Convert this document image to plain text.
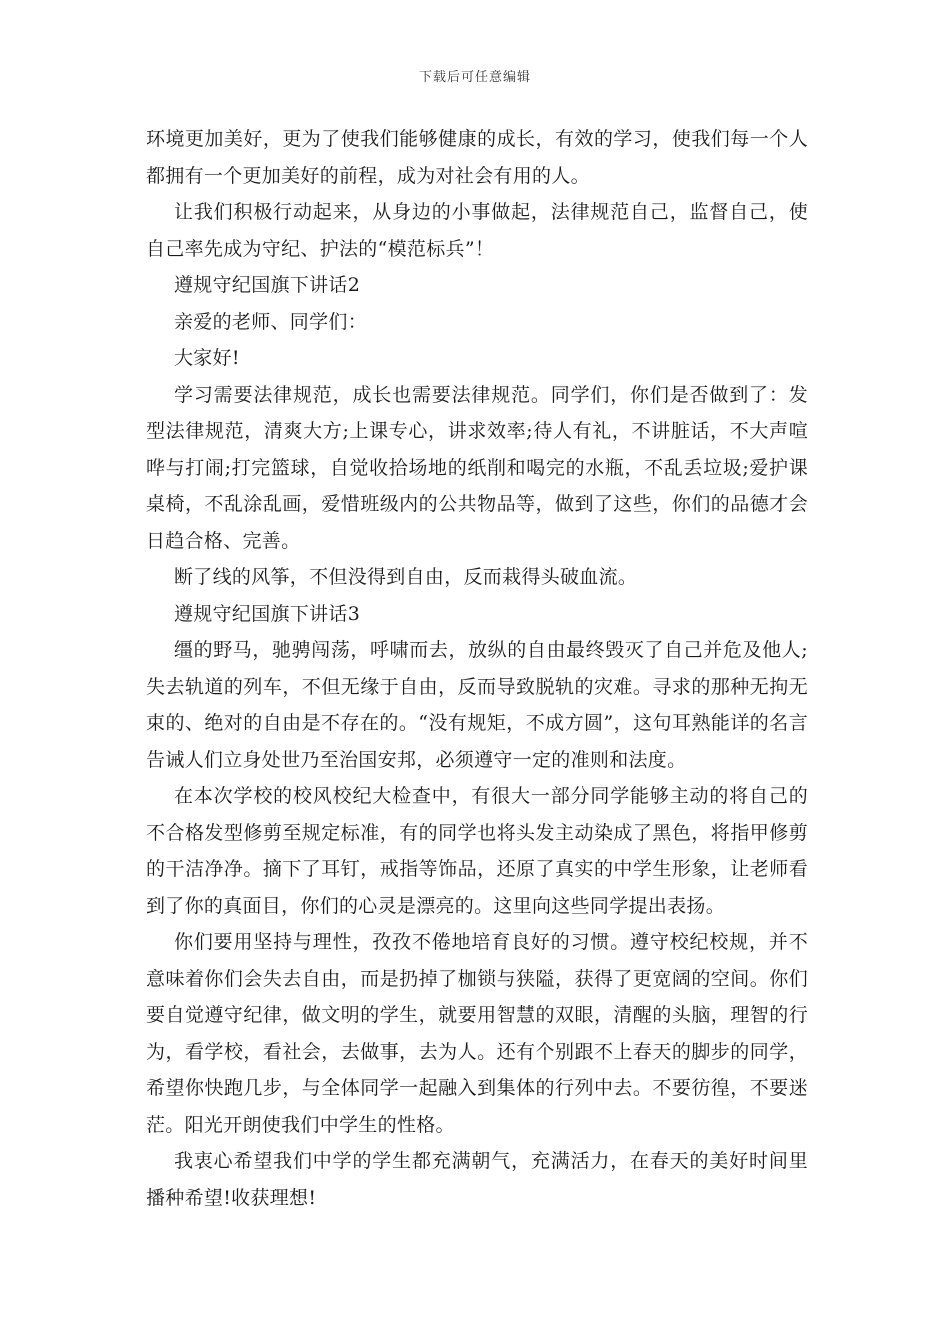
下载后可任意编辑

环境更加美好，更为了使我们能够健康的成长，有效的学习，使我们每一个人都拥有一个更加美好的前程，成为对社会有用的人。

让我们积极行动起来，从身边的小事做起，法律规范自己，监督自己，使自己率先成为守纪、护法的“模范标兵”！

遵规守纪国旗下讲话2

亲爱的老师、同学们：

大家好!

学习需要法律规范，成长也需要法律规范。同学们，你们是否做到了：发型法律规范，清爽大方;上课专心，讲求效率;待人有礼，不讲脏话，不大声喧哗与打闹;打完篮球，自觉收拾场地的纸削和喝完的水瓶，不乱丢垃圾;爱护课桌椅，不乱涂乱画，爱惜班级内的公共物品等，做到了这些，你们的品德才会日趋合格、完善。

断了线的风筝，不但没得到自由，反而栽得头破血流。

遵规守纪国旗下讲话3

缰的野马，驰骋闯荡，呼啸而去，放纵的自由最终毁灭了自己并危及他人;失去轨道的列车，不但无缘于自由，反而导致脱轨的灾难。寻求的那种无拘无束的、绝对的自由是不存在的。“没有规矩，不成方圆”，这句耳熟能详的名言告诫人们立身处世乃至治国安邦，必须遵守一定的准则和法度。

在本次学校的校风校纪大检查中，有很大一部分同学能够主动的将自己的不合格发型修剪至规定标准，有的同学也将头发主动染成了黑色，将指甲修剪的干洁净净。摘下了耳钉，戒指等饰品，还原了真实的中学生形象，让老师看到了你的真面目，你们的心灵是漂亮的。这里向这些同学提出表扬。

你们要用坚持与理性，孜孜不倦地培育良好的习惯。遵守校纪校规，并不意味着你们会失去自由，而是扔掉了枷锁与狭隘，获得了更宽阔的空间。你们要自觉遵守纪律，做文明的学生，就要用智慧的双眼，清醒的头脑，理智的行为，看学校，看社会，去做事，去为人。还有个别跟不上春天的脚步的同学，希望你快跑几步，与全体同学一起融入到集体的行列中去。不要彷徨，不要迷茫。阳光开朗使我们中学生的性格。

我衷心希望我们中学的学生都充满朝气，充满活力，在春天的美好时间里播种希望!收获理想!
